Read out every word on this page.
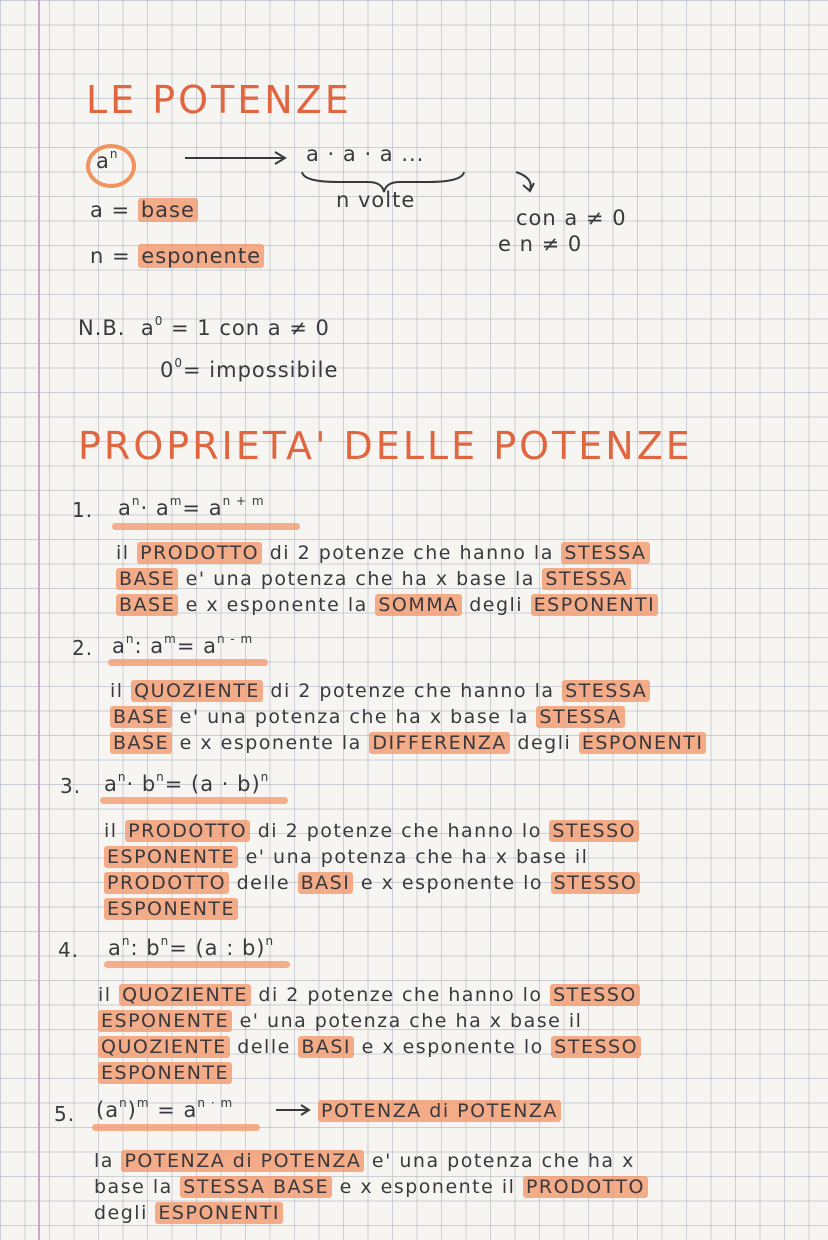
LE POTENZE
$a^n$	a · a · a ...
n volte
a = base	con a ≠ 0
e n ≠ 0
n = esponente
N.B. $a^0 = 1$ con a ≠ 0
$0^0=$ impossibile
PROPRIETA' DELLE POTENZE
1. $a^n\cdot a^m= a^{n + m}$
il PRODOTTO di 2 potenze che hanno la STESSA
BASE e' una potenza che ha x base la STESSA
BASE e x esponente la SOMMA degli ESPONENTI
2. $a^n$: $a^m= a^{n - m}$
il QUOZIENTE di 2 potenze che hanno la STESSA
BASE e' una potenza che ha x base la STESSA
BASE e x esponente la DIFFERENZA degli ESPONENTI
3. $a^n\cdot b^n= (a \cdot b)^n$
il PRODOTTO di 2 potenze che hanno lo STESSO
ESPONENTE e' una potenza che ha x base il
PRODOTTO delle BASI e x esponente lo STESSO
ESPONENTE
4. $a^n$: $b^n= (a$ : b)$^n$
il QUOZIENTE di 2 potenze che hanno lo STESSO
ESPONENTE e' una potenza che ha x base il
QUOZIENTE delle BASI e x esponente lo STESSO
ESPONENTE
5. $(a^n)^m = a^{n \cdot m}$	POTENZA di POTENZA
la POTENZA di POTENZA e' una potenza che ha x
base la STESSA BASE e x esponente il PRODOTTO
degli ESPONENTI
